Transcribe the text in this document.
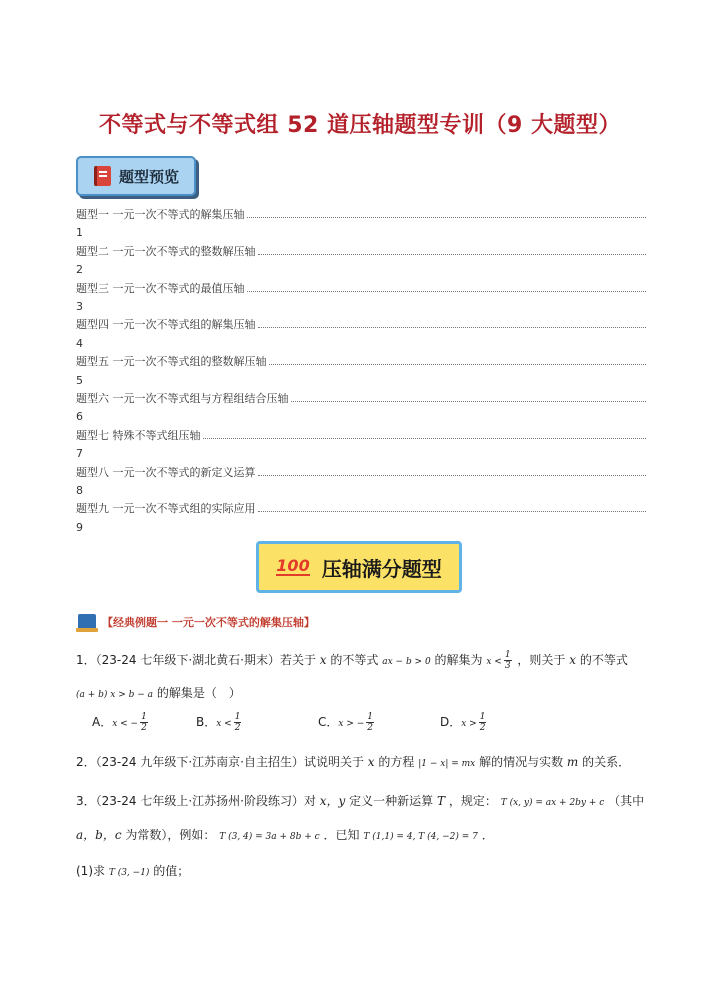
不等式与不等式组 52 道压轴题型专训（9 大题型）
题型预览
题型一 一元一次不等式的解集压轴
1
题型二 一元一次不等式的整数解压轴
2
题型三 一元一次不等式的最值压轴
3
题型四 一元一次不等式组的解集压轴
4
题型五 一元一次不等式组的整数解压轴
5
题型六 一元一次不等式组与方程组结合压轴
6
题型七 特殊不等式组压轴
7
题型八 一元一次不等式的新定义运算
8
题型九 一元一次不等式组的实际应用
9
100 压轴满分题型
【经典例题一 一元一次不等式的解集压轴】
1．（23-24 七年级下·湖北黄石·期末）若关于 x 的不等式 ax − b > 0 的解集为 $x < \frac{1}{3}$ ，则关于 x 的不等式
(a + b) x > b − a 的解集是（　）
A．x < − $\frac{1}{2}$	B．$x < \frac{1}{2}$	C．x > − $\frac{1}{2}$	D．$x > \frac{1}{2}$
2．（23-24 九年级下·江苏南京·自主招生）试说明关于 x 的方程 |1 − x| = mx 解的情况与实数 m 的关系．
3．（23-24 七年级上·江苏扬州·阶段练习）对 x，y 定义一种新运算 T ，规定： T (x, y) = ax + 2by + c （其中
a，b，c 为常数），例如： T (3, 4) = 3a + 8b + c ．已知 T (1,1) = 4, T (4, −2) = 7 ．
(1)求 T (3, −1) 的值；
